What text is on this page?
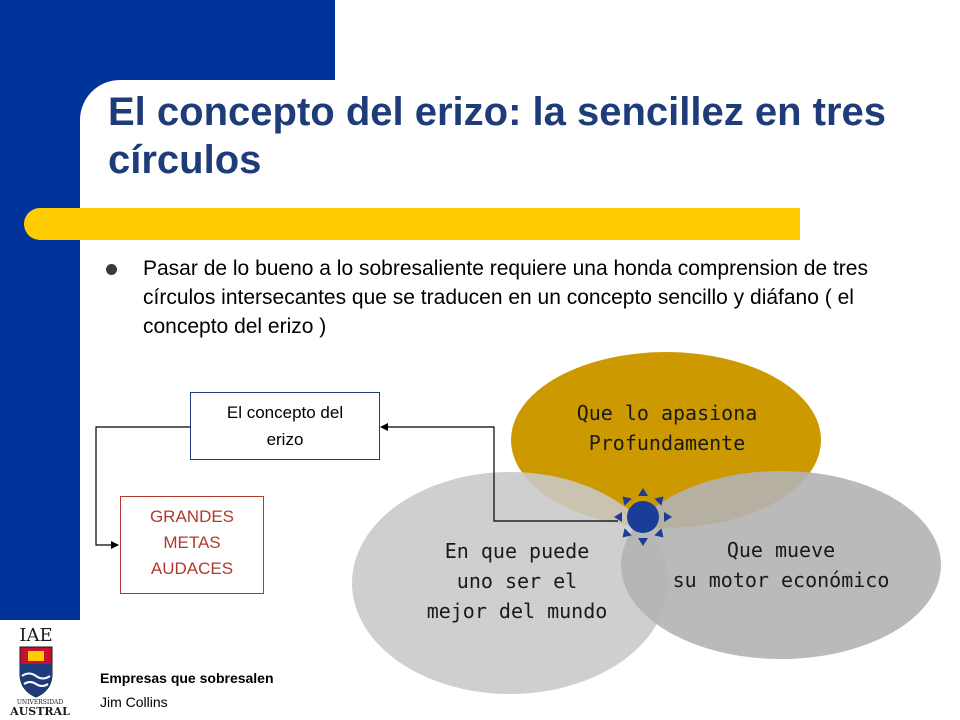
IAE
UNIVERSIDAD
AUSTRAL
El concepto del erizo: la sencillez en tres círculos

Pasar de lo bueno a lo sobresaliente requiere una honda comprension de tres círculos intersecantes que se traducen en un concepto sencillo y diáfano ( el concepto del erizo )

El concepto del
erizo
GRANDES
METAS
AUDACES
Que lo apasiona
Profundamente
En que puede
uno ser el
mejor del mundo
Que mueve
su motor económico
Empresas que sobresalen
Jim Collins
